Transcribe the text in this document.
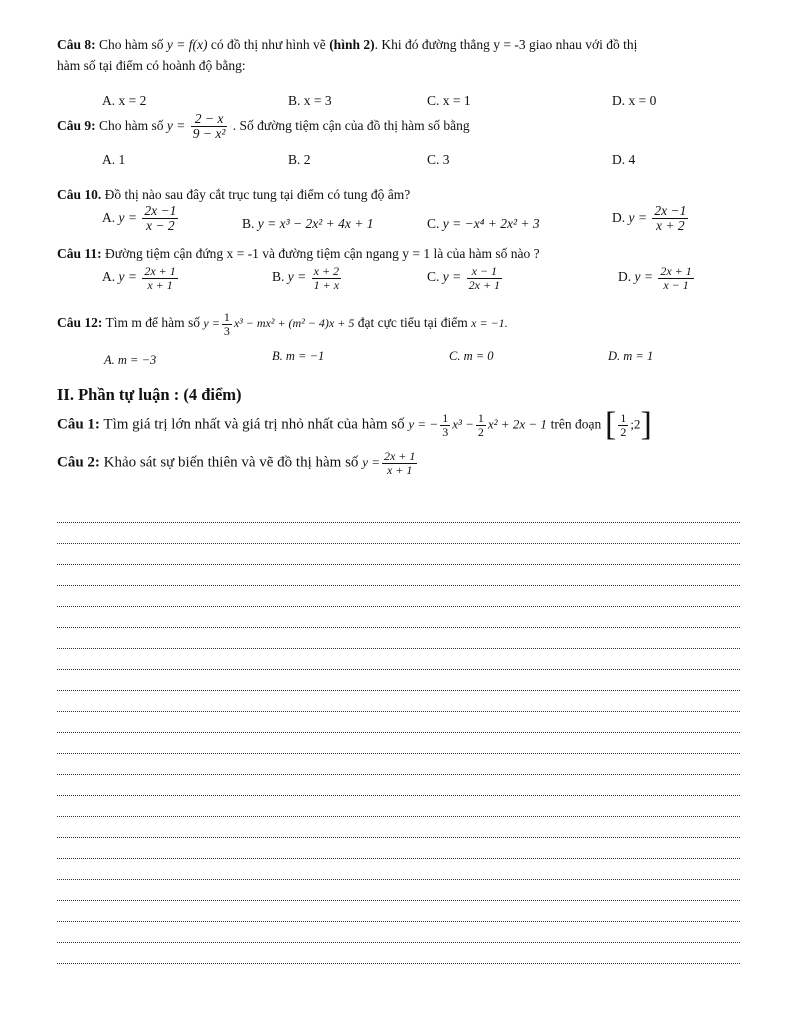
Câu 8: Cho hàm số y = f(x) có đồ thị như hình vẽ (hình 2). Khi đó đường thẳng y = -3 giao nhau với đồ thị
hàm số tại điểm có hoành độ bằng:
A. x = 2	B. x = 3	C. x = 1	D. x = 0
Câu 9: Cho hàm số $y = \frac{2 - x}{\text{9 − x²}}$ . Số đường tiệm cận của đồ thị hàm số bằng
A. 1	B. 2	C. 3	D. 4
Câu 10. Đồ thị nào sau đây cắt trục tung tại điểm có tung độ âm?
A. $y = \frac{2x -1}{x - 2}$	B. y = x³ − 2x² + 4x + 1	C. y = −x⁴ + 2x² + 3	D. $y = \frac{2x -1}{x + 2}$
Câu 11: Đường tiệm cận đứng x = -1 và đường tiệm cận ngang y = 1 là của hàm số nào ?
A. $y = \frac{2x + 1}{x + 1}$	B. $y = \frac{x + 2}{1 + x}$	C. $y = \frac{x - 1}{2x + 1}$	D. $y = \frac{2x + 1}{x - 1}$
Câu 12: Tìm m để hàm số $y = \frac{1}{3} x^3 - mx^2 + (m^2 - 4)x + 5$ đạt cực tiểu tại điểm x = −1.
A. m = −3	B. m = −1	C. m = 0	D. m = 1
II. Phần tự luận : (4 điểm)
Câu 1: Tìm giá trị lớn nhất và giá trị nhỏ nhất của hàm số y = − $\frac{1}{3} x^3 - \frac{1}{2} x^2 + 2x - 1$ trên đoạn [ $\frac{1}{2}$ ;2]
Câu 2: Khảo sát sự biến thiên và vẽ đồ thị hàm số $y = \frac{2x + 1}{x + 1}$
